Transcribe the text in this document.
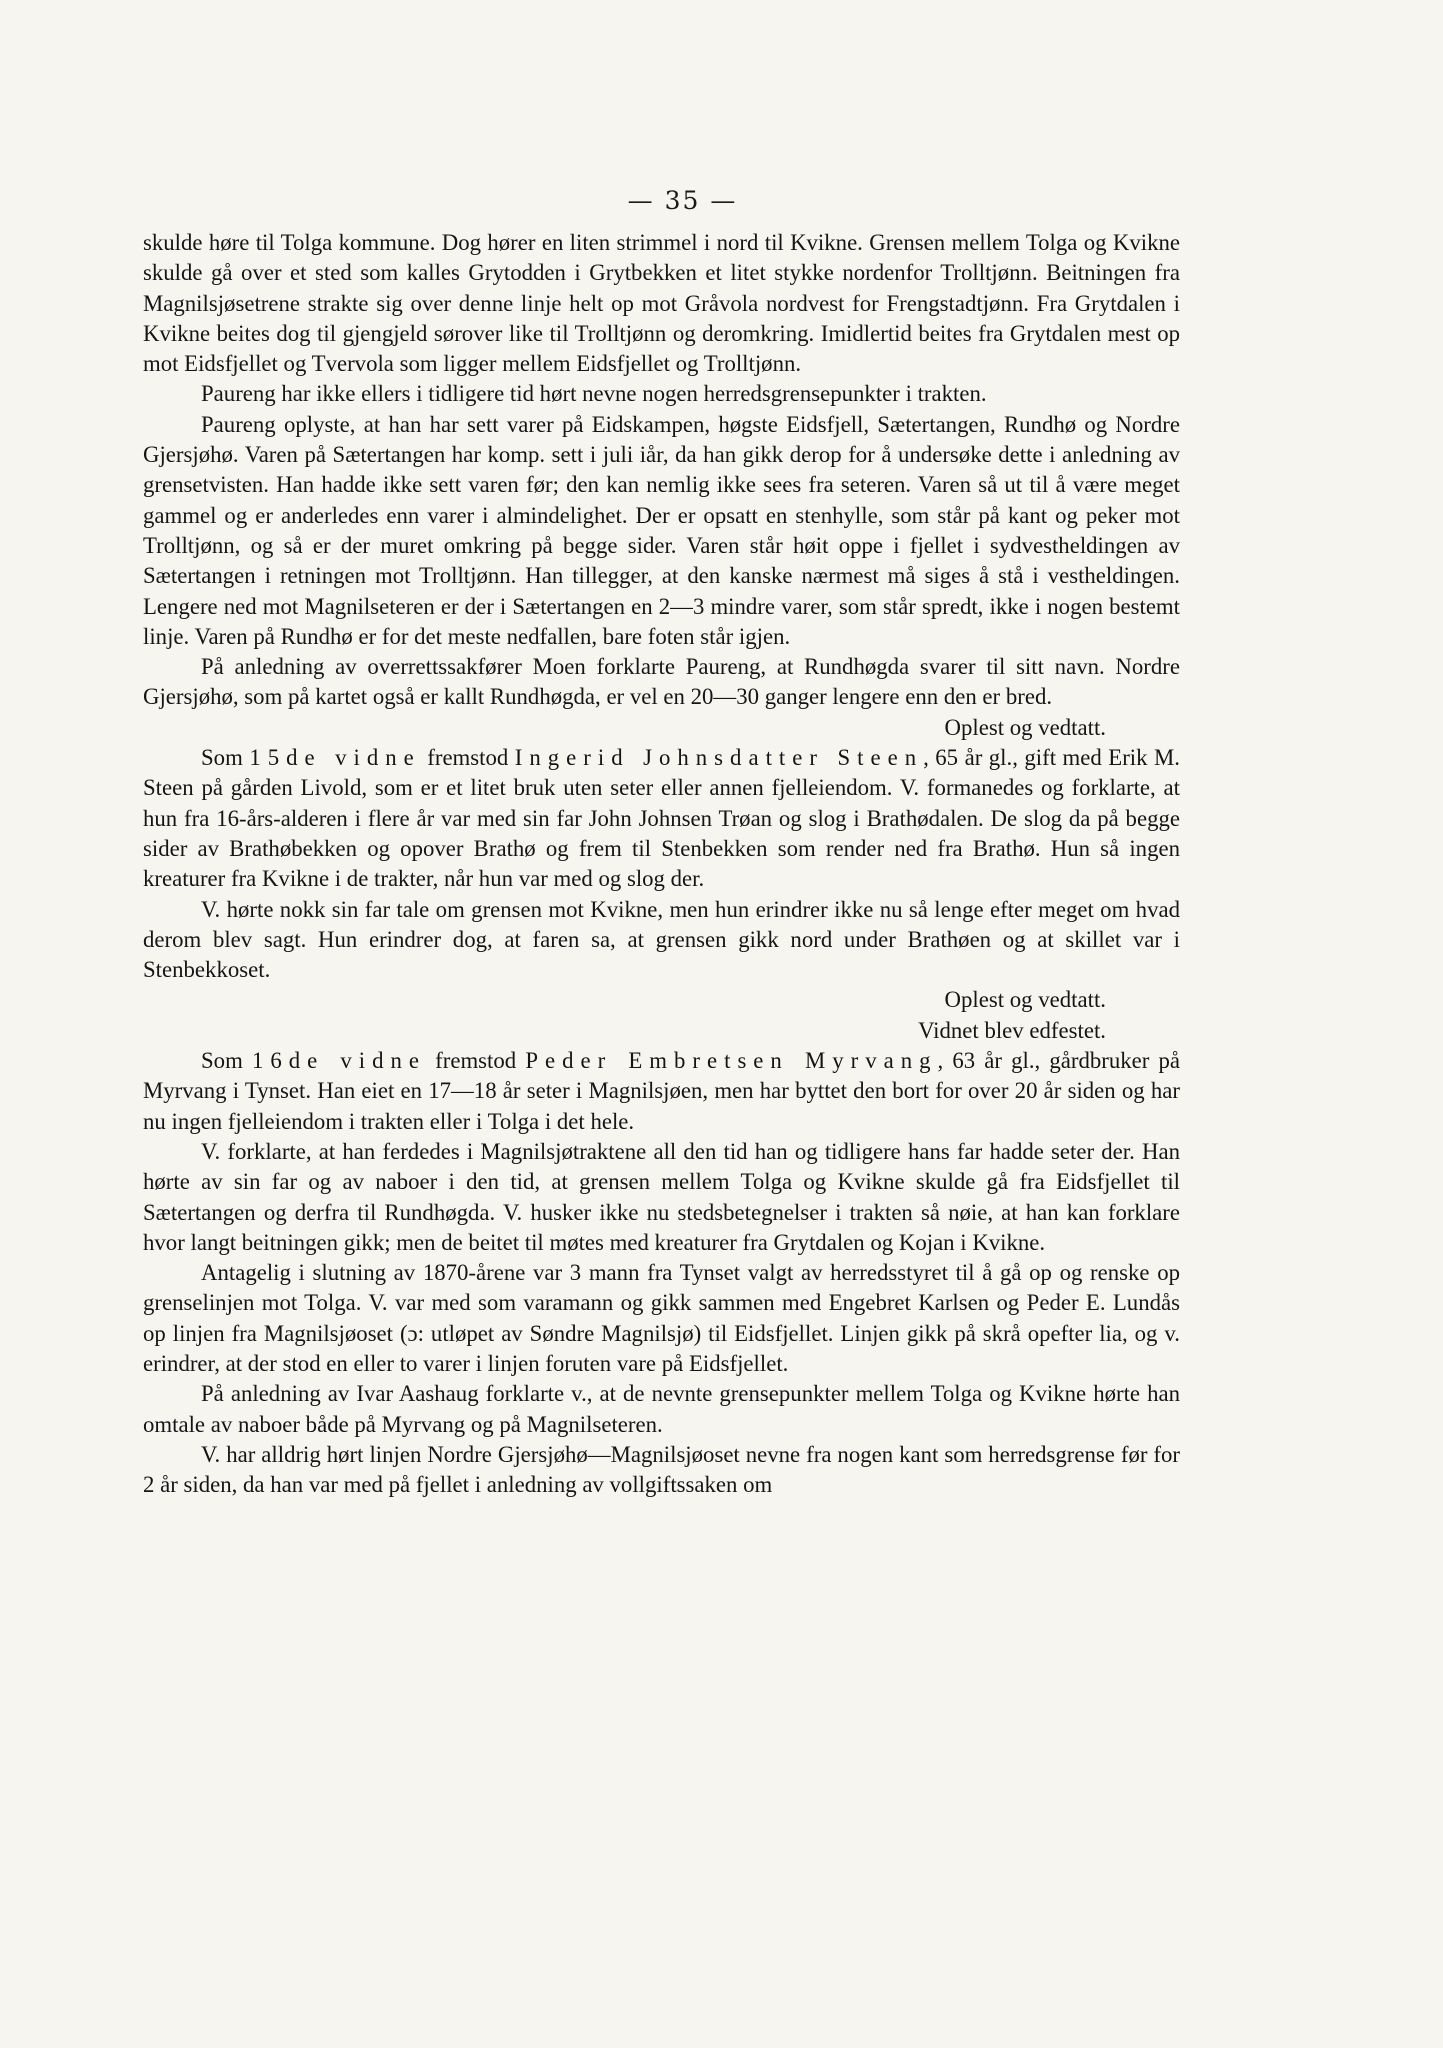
— 35 —

skulde høre til Tolga kommune. Dog hører en liten strimmel i nord til Kvikne. Grensen mellem Tolga og Kvikne skulde gå over et sted som kalles Grytodden i Grytbekken et litet stykke nordenfor Trolltjønn. Beitningen fra Magnilsjøsetrene strakte sig over denne linje helt op mot Gråvola nordvest for Frengstadtjønn. Fra Grytdalen i Kvikne beites dog til gjengjeld sørover like til Trolltjønn og deromkring. Imidlertid beites fra Grytdalen mest op mot Eidsfjellet og Tvervola som ligger mellem Eidsfjellet og Trolltjønn.

Paureng har ikke ellers i tidligere tid hørt nevne nogen herredsgrensepunkter i trakten.

Paureng oplyste, at han har sett varer på Eidskampen, høgste Eidsfjell, Sætertangen, Rundhø og Nordre Gjersjøhø. Varen på Sætertangen har komp. sett i juli iår, da han gikk derop for å undersøke dette i anledning av grensetvisten. Han hadde ikke sett varen før; den kan nemlig ikke sees fra seteren. Varen så ut til å være meget gammel og er anderledes enn varer i almindelighet. Der er opsatt en stenhylle, som står på kant og peker mot Trolltjønn, og så er der muret omkring på begge sider. Varen står høit oppe i fjellet i sydvestheldingen av Sætertangen i retningen mot Trolltjønn. Han tillegger, at den kanske nærmest må siges å stå i vestheldingen. Lengere ned mot Magnilseteren er der i Sætertangen en 2—3 mindre varer, som står spredt, ikke i nogen bestemt linje. Varen på Rundhø er for det meste nedfallen, bare foten står igjen.

På anledning av overrettssakfører Moen forklarte Paureng, at Rundhøgda svarer til sitt navn. Nordre Gjersjøhø, som på kartet også er kallt Rundhøgda, er vel en 20—30 ganger lengere enn den er bred.

Oplest og vedtatt.

Som 15de vidne fremstod Ingerid Johnsdatter Steen, 65 år gl., gift med Erik M. Steen på gården Livold, som er et litet bruk uten seter eller annen fjelleiendom. V. formanedes og forklarte, at hun fra 16-års-alderen i flere år var med sin far John Johnsen Trøan og slog i Brathødalen. De slog da på begge sider av Brathøbekken og opover Brathø og frem til Stenbekken som render ned fra Brathø. Hun så ingen kreaturer fra Kvikne i de trakter, når hun var med og slog der.

V. hørte nokk sin far tale om grensen mot Kvikne, men hun erindrer ikke nu så lenge efter meget om hvad derom blev sagt. Hun erindrer dog, at faren sa, at grensen gikk nord under Brathøen og at skillet var i Stenbekkoset.

Oplest og vedtatt.

Vidnet blev edfestet.

Som 16de vidne fremstod Peder Embretsen Myrvang, 63 år gl., gårdbruker på Myrvang i Tynset. Han eiet en 17—18 år seter i Magnilsjøen, men har byttet den bort for over 20 år siden og har nu ingen fjelleiendom i trakten eller i Tolga i det hele.

V. forklarte, at han ferdedes i Magnilsjøtraktene all den tid han og tidligere hans far hadde seter der. Han hørte av sin far og av naboer i den tid, at grensen mellem Tolga og Kvikne skulde gå fra Eidsfjellet til Sætertangen og derfra til Rundhøgda. V. husker ikke nu stedsbetegnelser i trakten så nøie, at han kan forklare hvor langt beitningen gikk; men de beitet til møtes med kreaturer fra Grytdalen og Kojan i Kvikne.

Antagelig i slutning av 1870-årene var 3 mann fra Tynset valgt av herredsstyret til å gå op og renske op grenselinjen mot Tolga. V. var med som varamann og gikk sammen med Engebret Karlsen og Peder E. Lundås op linjen fra Magnilsjøoset (ɔ: utløpet av Søndre Magnilsjø) til Eidsfjellet. Linjen gikk på skrå opefter lia, og v. erindrer, at der stod en eller to varer i linjen foruten vare på Eidsfjellet.

På anledning av Ivar Aashaug forklarte v., at de nevnte grensepunkter mellem Tolga og Kvikne hørte han omtale av naboer både på Myrvang og på Magnilseteren.

V. har alldrig hørt linjen Nordre Gjersjøhø—Magnilsjøoset nevne fra nogen kant som herredsgrense før for 2 år siden, da han var med på fjellet i anledning av vollgiftssaken om
